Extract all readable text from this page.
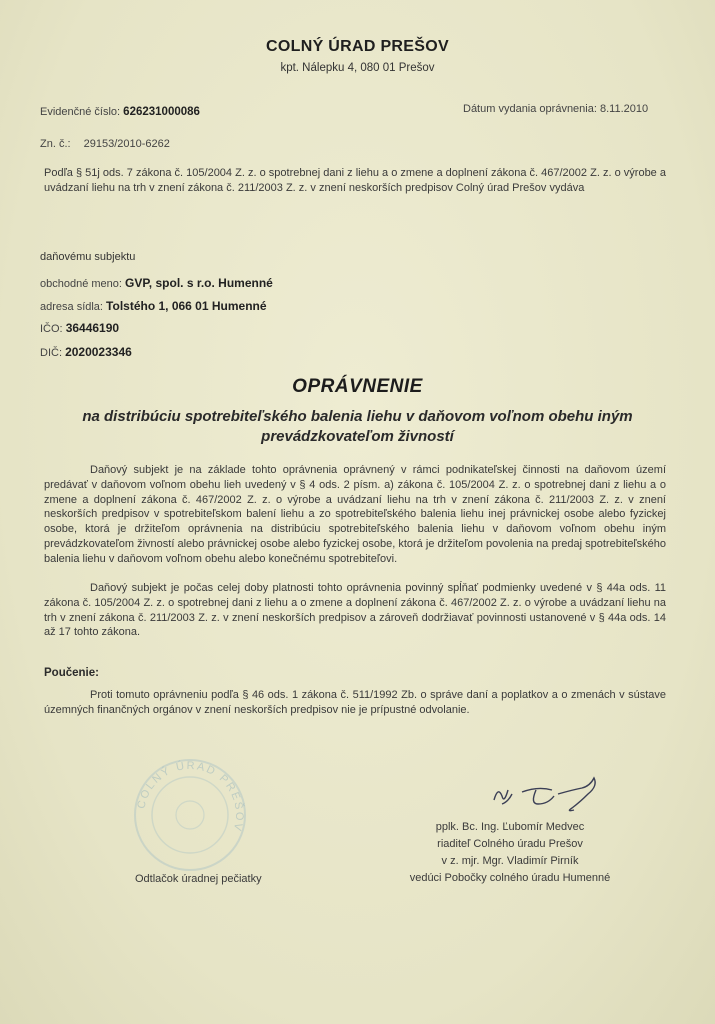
COLNÝ ÚRAD PREŠOV
kpt. Nálepku 4, 080 01 Prešov
Evidenčné číslo: 626231000086	Dátum vydania oprávnenia: 8.11.2010
Zn. č.: 29153/2010-6262
Podľa § 51j ods. 7 zákona č. 105/2004 Z. z. o spotrebnej dani z liehu a o zmene a doplnení zákona č. 467/2002 Z. z. o výrobe a uvádzaní liehu na trh v znení zákona č. 211/2003 Z. z. v znení neskorších predpisov Colný úrad Prešov vydáva
daňovému subjektu
obchodné meno: GVP, spol. s r.o. Humenné
adresa sídla: Tolstého 1, 066 01 Humenné
IČO: 36446190
DIČ: 2020023346
OPRÁVNENIE
na distribúciu spotrebiteľského balenia liehu v daňovom voľnom obehu iným
prevádzkovateľom živností
Daňový subjekt je na základe tohto oprávnenia oprávnený v rámci podnikateľskej činnosti na daňovom území predávať v daňovom voľnom obehu lieh uvedený v § 4 ods. 2 písm. a) zákona č. 105/2004 Z. z. o spotrebnej dani z liehu a o zmene a doplnení zákona č. 467/2002 Z. z. o výrobe a uvádzaní liehu na trh v znení zákona č. 211/2003 Z. z. v znení neskorších predpisov v spotrebiteľskom balení liehu a zo spotrebiteľského balenia liehu inej právnickej osobe alebo fyzickej osobe, ktorá je držiteľom oprávnenia na distribúciu spotrebiteľského balenia liehu v daňovom voľnom obehu iným prevádzkovateľom živností alebo právnickej osobe alebo fyzickej osobe, ktorá je držiteľom povolenia na predaj spotrebiteľského balenia liehu v daňovom voľnom obehu alebo konečnému spotrebiteľovi.
Daňový subjekt je počas celej doby platnosti tohto oprávnenia povinný spĺňať podmienky uvedené v § 44a ods. 11 zákona č. 105/2004 Z. z. o spotrebnej dani z liehu a o zmene a doplnení zákona č. 467/2002 Z. z. o výrobe a uvádzaní liehu na trh v znení zákona č. 211/2003 Z. z. v znení neskorších predpisov a zároveň dodržiavať povinnosti ustanovené v § 44a ods. 14 až 17 tohto zákona.
Poučenie:
Proti tomuto oprávneniu podľa § 46 ods. 1 zákona č. 511/1992 Zb. o správe daní a poplatkov a o zmenách v sústave územných finančných orgánov v znení neskorších predpisov nie je prípustné odvolanie.
COLNÝ ÚRAD PREŠOV
Odtlačok úradnej pečiatky
pplk. Bc. Ing. Ľubomír Medvec
riaditeľ Colného úradu Prešov
v z. mjr. Mgr. Vladimír Pirník
vedúci Pobočky colného úradu Humenné
